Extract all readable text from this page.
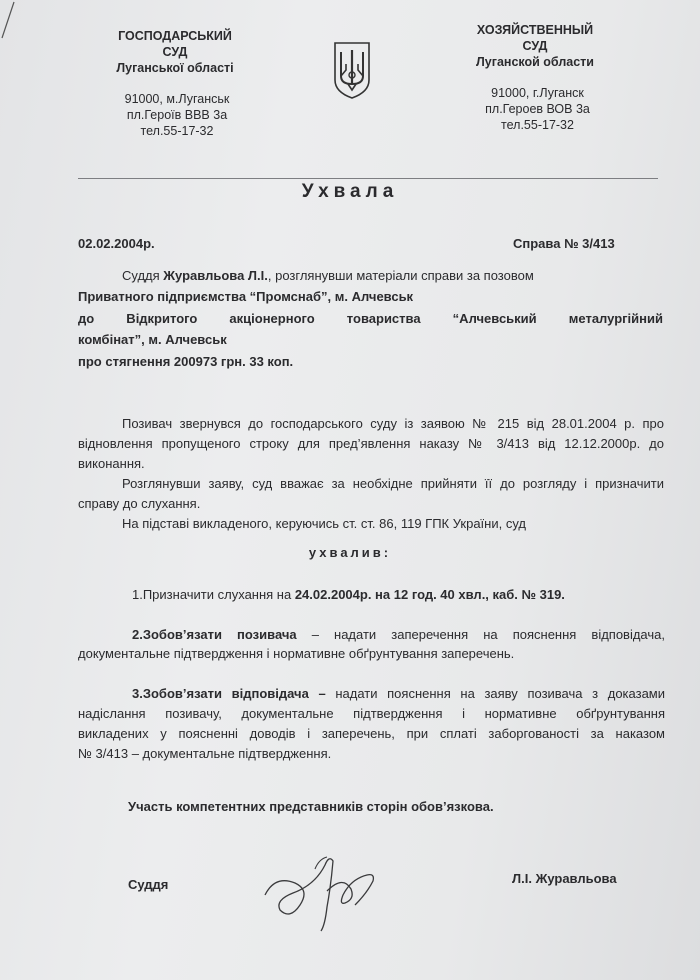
ГОСПОДАРСЬКИЙ
СУД
Луганської області
91000, м.Луганськ
пл.Героїв ВВВ 3а
тел.55-17-32
ХОЗЯЙСТВЕННЫЙ
СУД
Луганской области
91000, г.Луганск
пл.Героев ВОВ 3а
тел.55-17-32
Ухвала
02.02.2004р.	Справа № 3/413
Суддя Журавльова Л.І., розглянувши матеріали справи за позовом
Приватного підприємства “Промснаб”, м. Алчевськ
до Відкритого акціонерного товариства “Алчевський металургійний
комбінат”, м. Алчевськ
про стягнення 200973 грн. 33 коп.
Позивач звернувся до господарського суду із заявою № 215 від 28.01.2004 р. про
відновлення пропущеного строку для пред’явлення наказу № 3/413 від 12.12.2000р. до
виконання.
Розглянувши заяву, суд вважає за необхідне прийняти її до розгляду і призначити
справу до слухання.
На підставі викладеного, керуючись ст. ст. 86, 119 ГПК України, суд
ухвалив:
1.Призначити слухання на 24.02.2004р. на 12 год. 40 хвл., каб. № 319.
2.Зобов’язати позивача – надати заперечення на пояснення відповідача,
документальне підтвердження і нормативне обґрунтування заперечень.
3.Зобов’язати відповідача – надати пояснення на заяву позивача з доказами
надіслання позивачу, документальне підтвердження і нормативне обґрунтування
викладених у поясненні доводів і заперечень, при сплаті заборгованості за наказом
№ 3/413 – документальне підтвердження.
Участь компетентних представників сторін обов’язкова.
Суддя	Л.І. Журавльова
